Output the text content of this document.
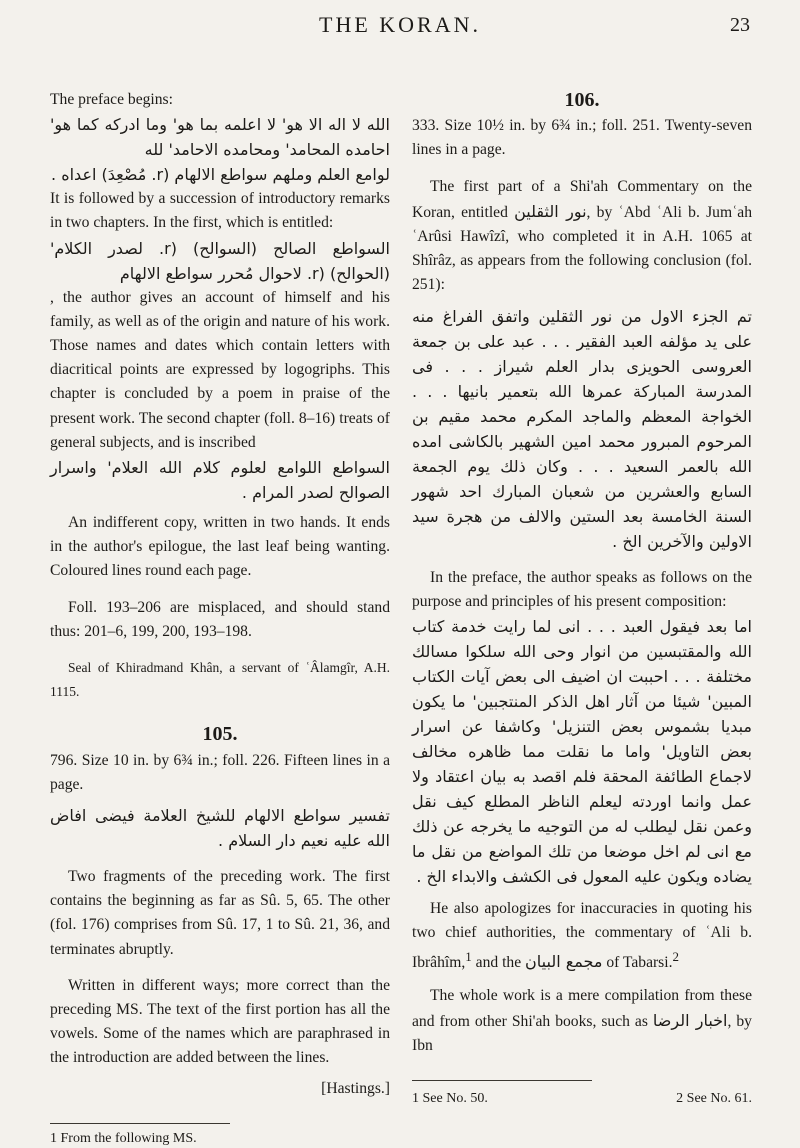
THE KORAN.	23

The preface begins:

الله لا اله الا هو' لا اعلمه بما هو' وما ادركه كما هو' احامده المحامد' ومحامده الاحامد' لله

لوامع العلم وملهم سواطع الالهام (r. مُصْعِدَ) اعداه .

It is followed by a succession of introductory remarks in two chapters. In the first, which is entitled:
السواطع الصالح (السوالح) (r. لصدر الكلام' (الحوالح) (r. لاحوال مُحرر سواطع الالهام
, the author gives an account of himself and his family, as well as of the origin and nature of his work. Those names and dates which contain letters with diacritical points are expressed by logogriphs. This chapter is concluded by a poem in praise of the present work. The second chapter (foll. 8–16) treats of general subjects, and is inscribed

السواطع اللوامع لعلوم كلام الله العلام' واسرار الصوالح لصدر المرام .

An indifferent copy, written in two hands. It ends in the author's epilogue, the last leaf being wanting. Coloured lines round each page.

Foll. 193–206 are misplaced, and should stand thus: 201–6, 199, 200, 193–198.

Seal of Khiradmand Khân, a servant of ʿÂlamgîr, A.H. 1115.

105.

796. Size 10 in. by 6¾ in.; foll. 226. Fifteen lines in a page.

تفسير سواطع الالهام للشيخ العلامة فيضى افاض الله عليه نعيم دار السلام .

Two fragments of the preceding work. The first contains the beginning as far as Sû. 5, 65. The other (fol. 176) comprises from Sû. 17, 1 to Sû. 21, 36, and terminates abruptly.

Written in different ways; more correct than the preceding MS. The text of the first portion has all the vowels. Some of the names which are paraphrased in the introduction are added between the lines.

[Hastings.]

1 From the following MS.

106.

333. Size 10½ in. by 6¾ in.; foll. 251. Twenty-seven lines in a page.

The first part of a Shi'ah Commentary on the Koran, entitled نور الثقلين, by ʿAbd ʿAli b. Jumʿah ʿArûsi Hawîzî, who completed it in A.H. 1065 at Shîrâz, as appears from the following conclusion (fol. 251):

تم الجزء الاول من نور الثقلين واتفق الفراغ منه على يد مؤلفه العبد الفقير . . . عبد على بن جمعة العروسى الحويزى بدار العلم شيراز . . . فى المدرسة المباركة عمرها الله بتعمير بانيها . . . الخواجة المعظم والماجد المكرم محمد مقيم بن المرحوم المبرور محمد امين الشهير بالكاشى امده الله بالعمر السعيد . . . وكان ذلك يوم الجمعة السابع والعشرين من شعبان المبارك احد شهور السنة الخامسة بعد الستين والالف من هجرة سيد الاولين والآخرين الخ .

In the preface, the author speaks as follows on the purpose and principles of his present composition:

اما بعد فيقول العبد . . . انى لما رايت خدمة كتاب الله والمقتبسين من انوار وحى الله سلكوا مسالك مختلفة . . . احببت ان اضيف الى بعض آيات الكتاب المبين' شيئا من آثار اهل الذكر المنتجبين' ما يكون مبديا بشموس بعض التنزيل' وكاشفا عن اسرار بعض التاويل' واما ما نقلت مما ظاهره مخالف لاجماع الطائفة المحقة فلم اقصد به بيان اعتقاد ولا عمل وانما اوردته ليعلم الناظر المطلع كيف نقل وعمن نقل ليطلب له من التوجيه ما يخرجه عن ذلك مع انى لم اخل موضعا من تلك المواضع من نقل ما يضاده ويكون عليه المعول فى الكشف والابداء الخ .

He also apologizes for inaccuracies in quoting his two chief authorities, the commentary of ʿAli b. Ibrâhîm,$^1$ and the مجمع البيان of Tabarsi.$^2$

The whole work is a mere compilation from these and from other Shi'ah books, such as اخبار الرضا, by Ibn

1 See No. 50.	2 See No. 61.
